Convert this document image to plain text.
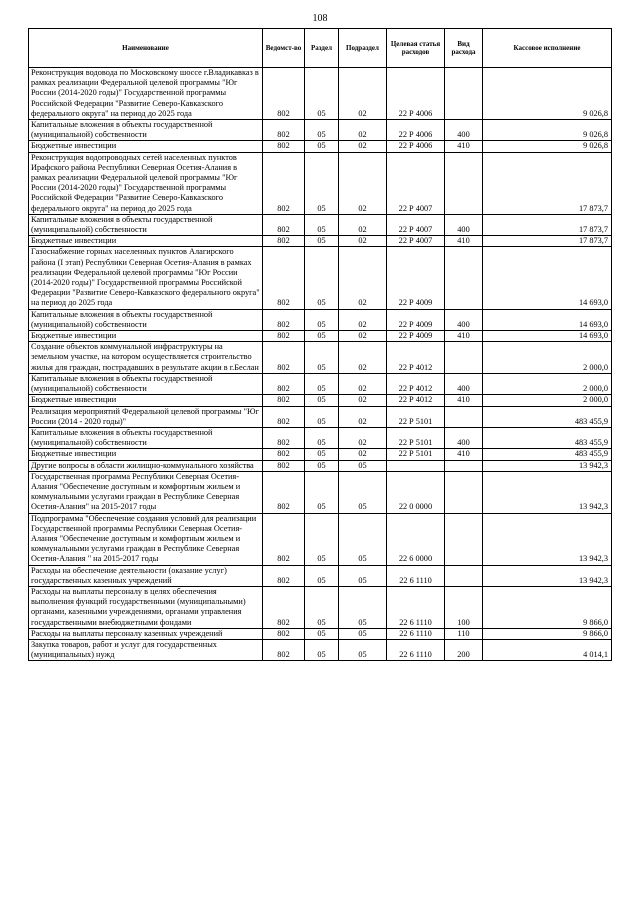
108
Наименование	Ведомст-во	Раздел	Подраздел	Целевая статья расходов	Вид расхода	Кассовое исполнение
Реконструкция водовода по Московскому шоссе г.Владикавказ в рамках реализации Федеральной целевой программы "Юг России (2014-2020 годы)" Государственной программы Российской Федерации "Развитие Северо-Кавказского федерального округа" на период до 2025 года	802	05	02	22 Р 4006		9 026,8
Капитальные вложения в объекты государственной (муниципальной) собственности	802	05	02	22 Р 4006	400	9 026,8
Бюджетные инвестиции	802	05	02	22 Р 4006	410	9 026,8
Реконструкция водопроводных сетей населенных пунктов Ирафского района Республики Северная Осетия-Алания в рамках реализации Федеральной целевой программы "Юг России (2014-2020 годы)" Государственной программы Российской Федерации "Развитие Северо-Кавказского федерального округа" на период до 2025 года	802	05	02	22 Р 4007		17 873,7
Капитальные вложения в объекты государственной (муниципальной) собственности	802	05	02	22 Р 4007	400	17 873,7
Бюджетные инвестиции	802	05	02	22 Р 4007	410	17 873,7
Газоснабжение горных населенных пунктов Алагирского района (I этап) Республики Северная Осетия-Алания в рамках реализации Федеральной целевой программы "Юг России (2014-2020 годы)" Государственной программы Российской Федерации "Развитие Северо-Кавказского федерального округа" на период до 2025 года	802	05	02	22 Р 4009		14 693,0
Капитальные вложения в объекты государственной (муниципальной) собственности	802	05	02	22 Р 4009	400	14 693,0
Бюджетные инвестиции	802	05	02	22 Р 4009	410	14 693,0
Создание объектов коммунальной инфраструктуры на земельном участке, на котором осуществляется строительство жилья для граждан, пострадавших в результате акции в г.Беслан	802	05	02	22 Р 4012		2 000,0
Капитальные вложения в объекты государственной (муниципальной) собственности	802	05	02	22 Р 4012	400	2 000,0
Бюджетные инвестиции	802	05	02	22 Р 4012	410	2 000,0
Реализация мероприятий Федеральной целевой программы "Юг России (2014 - 2020 годы)"	802	05	02	22 Р 5101		483 455,9
Капитальные вложения в объекты государственной (муниципальной) собственности	802	05	02	22 Р 5101	400	483 455,9
Бюджетные инвестиции	802	05	02	22 Р 5101	410	483 455,9
Другие вопросы в области жилищно-коммунального хозяйства	802	05	05			13 942,3
Государственная программа Республики Северная Осетия-Алания "Обеспечение доступным и комфортным жильем и коммунальными услугами граждан в Республике Северная Осетия-Алания" на 2015-2017 годы	802	05	05	22 0 0000		13 942,3
Подпрограмма "Обеспечение создания условий для реализации Государственной программы Республики Северная Осетия-Алания "Обеспечение доступным и комфортным жильем и коммунальными услугами граждан в Республике Северная Осетия-Алания " на 2015-2017 годы	802	05	05	22 6 0000		13 942,3
Расходы на обеспечение деятельности (оказание услуг) государственных казенных учреждений	802	05	05	22 6 1110		13 942,3
Расходы на выплаты персоналу в целях обеспечения выполнения функций государственными (муниципальными) органами, казенными учреждениями, органами управления государственными внебюджетными фондами	802	05	05	22 6 1110	100	9 866,0
Расходы на выплаты персоналу казенных учреждений	802	05	05	22 6 1110	110	9 866,0
Закупка товаров, работ и услуг для государственных (муниципальных) нужд	802	05	05	22 6 1110	200	4 014,1
